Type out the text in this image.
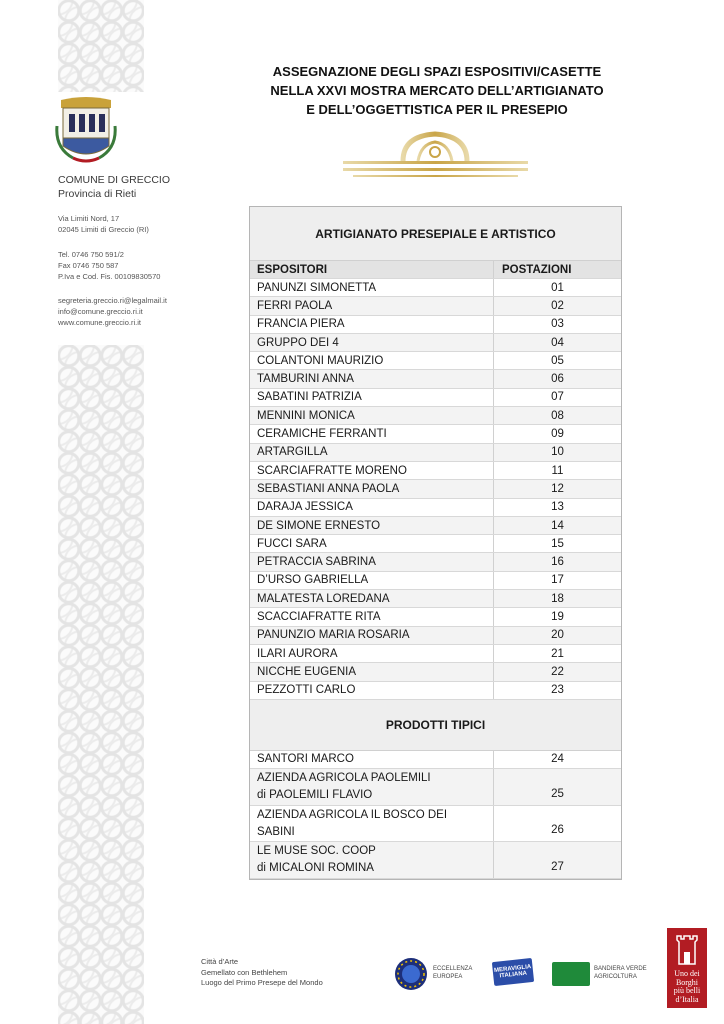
COMUNE DI GRECCIO
Provincia di Rieti
Via Limiti Nord, 17
02045 Limiti di Greccio (RI)
Tel. 0746 750 591/2
Fax 0746 750 587
P.Iva e Cod. Fis. 00109830570
segreteria.greccio.ri@legalmail.it
info@comune.greccio.ri.it
www.comune.greccio.ri.it
ASSEGNAZIONE DEGLI SPAZI ESPOSITIVI/CASETTE
NELLA XXVI MOSTRA MERCATO DELL’ARTIGIANATO
E DELL’OGGETTISTICA PER IL PRESEPIO
ARTIGIANATO PRESEPIALE E ARTISTICO
ESPOSITORI	POSTAZIONI
PANUNZI SIMONETTA	01
FERRI PAOLA	02
FRANCIA PIERA	03
GRUPPO DEI 4	04
COLANTONI MAURIZIO	05
TAMBURINI ANNA	06
SABATINI PATRIZIA	07
MENNINI MONICA	08
CERAMICHE FERRANTI	09
ARTARGILLA	10
SCARCIAFRATTE MORENO	11
SEBASTIANI ANNA PAOLA	12
DARAJA JESSICA	13
DE SIMONE ERNESTO	14
FUCCI SARA	15
PETRACCIA SABRINA	16
D’URSO GABRIELLA	17
MALATESTA LOREDANA	18
SCACCIAFRATTE RITA	19
PANUNZIO MARIA ROSARIA	20
ILARI AURORA	21
NICCHE EUGENIA	22
PEZZOTTI CARLO	23
PRODOTTI TIPICI
SANTORI MARCO	24
AZIENDA AGRICOLA PAOLEMILI
di PAOLEMILI FLAVIO	25
AZIENDA AGRICOLA IL BOSCO DEI
SABINI	26
LE MUSE SOC. COOP
di MICALONI ROMINA	27
Città d’Arte
Gemellato con Bethlehem
Luogo del Primo Presepe del Mondo
ECCELLENZA
EUROPEA
MERAVIGLIA ITALIANA
BANDIERA VERDE
AGRICOLTURA	Uno dei
Borghi
più belli
d’Italia
